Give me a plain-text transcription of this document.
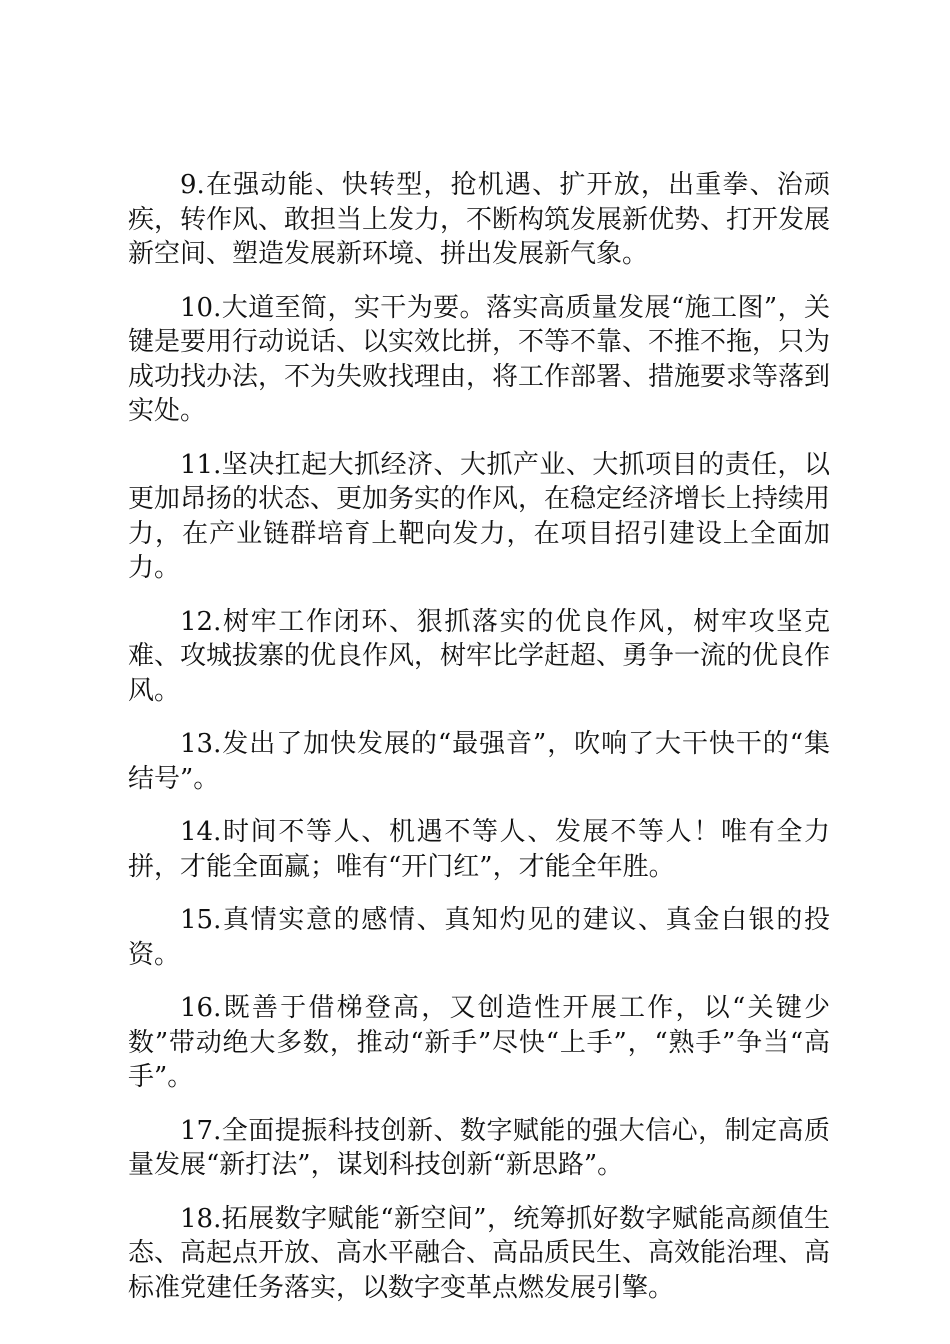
9.在强动能、快转型，抢机遇、扩开放，出重拳、治顽疾，转作风、敢担当上发力，不断构筑发展新优势、打开发展新空间、塑造发展新环境、拼出发展新气象。

10.大道至简，实干为要。落实高质量发展“施工图”，关键是要用行动说话、以实效比拼，不等不靠、不推不拖，只为成功找办法，不为失败找理由，将工作部署、措施要求等落到实处。

11.坚决扛起大抓经济、大抓产业、大抓项目的责任，以更加昂扬的状态、更加务实的作风，在稳定经济增长上持续用力，在产业链群培育上靶向发力，在项目招引建设上全面加力。

12.树牢工作闭环、狠抓落实的优良作风，树牢攻坚克难、攻城拔寨的优良作风，树牢比学赶超、勇争一流的优良作风。

13.发出了加快发展的“最强音”，吹响了大干快干的“集结号”。

14.时间不等人、机遇不等人、发展不等人！唯有全力拼，才能全面赢；唯有“开门红”，才能全年胜。

15.真情实意的感情、真知灼见的建议、真金白银的投资。

16.既善于借梯登高，又创造性开展工作，以“关键少数”带动绝大多数，推动“新手”尽快“上手”，“熟手”争当“高手”。

17.全面提振科技创新、数字赋能的强大信心，制定高质量发展“新打法”，谋划科技创新“新思路”。

18.拓展数字赋能“新空间”，统筹抓好数字赋能高颜值生态、高起点开放、高水平融合、高品质民生、高效能治理、高标准党建任务落实，以数字变革点燃发展引擎。
